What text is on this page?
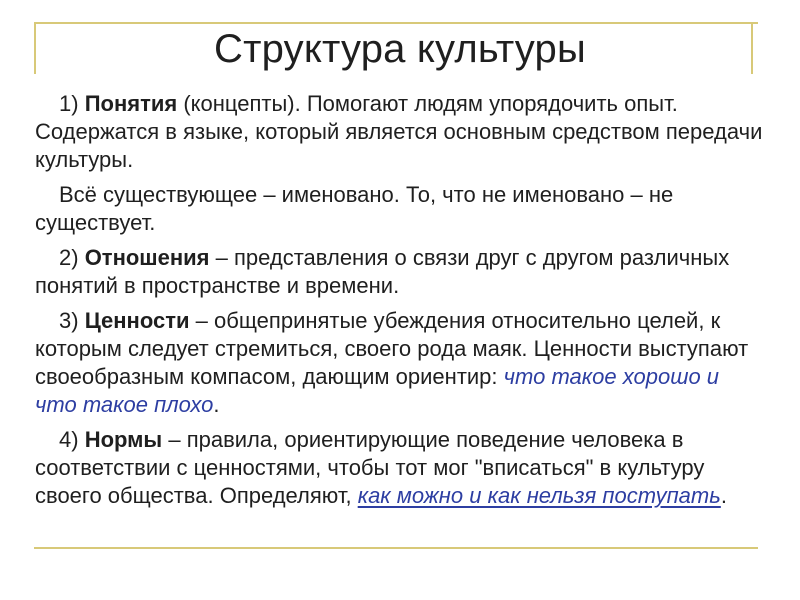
Структура культуры

1) Понятия (концепты). Помогают людям упорядочить опыт. Содержатся в языке, который является основным средством передачи культуры.

Всё существующее – именовано. То, что не именовано – не существует.

2) Отношения – представления о связи друг с другом различных понятий в пространстве и времени.

3) Ценности – общепринятые убеждения относительно целей, к которым следует стремиться, своего рода маяк. Ценности выступают своеобразным компасом, дающим ориентир: что такое хорошо и что такое плохо.

4) Нормы – правила, ориентирующие поведение человека в соответствии с ценностями, чтобы тот мог "вписаться" в культуру своего общества. Определяют, как можно и как нельзя поступать.
